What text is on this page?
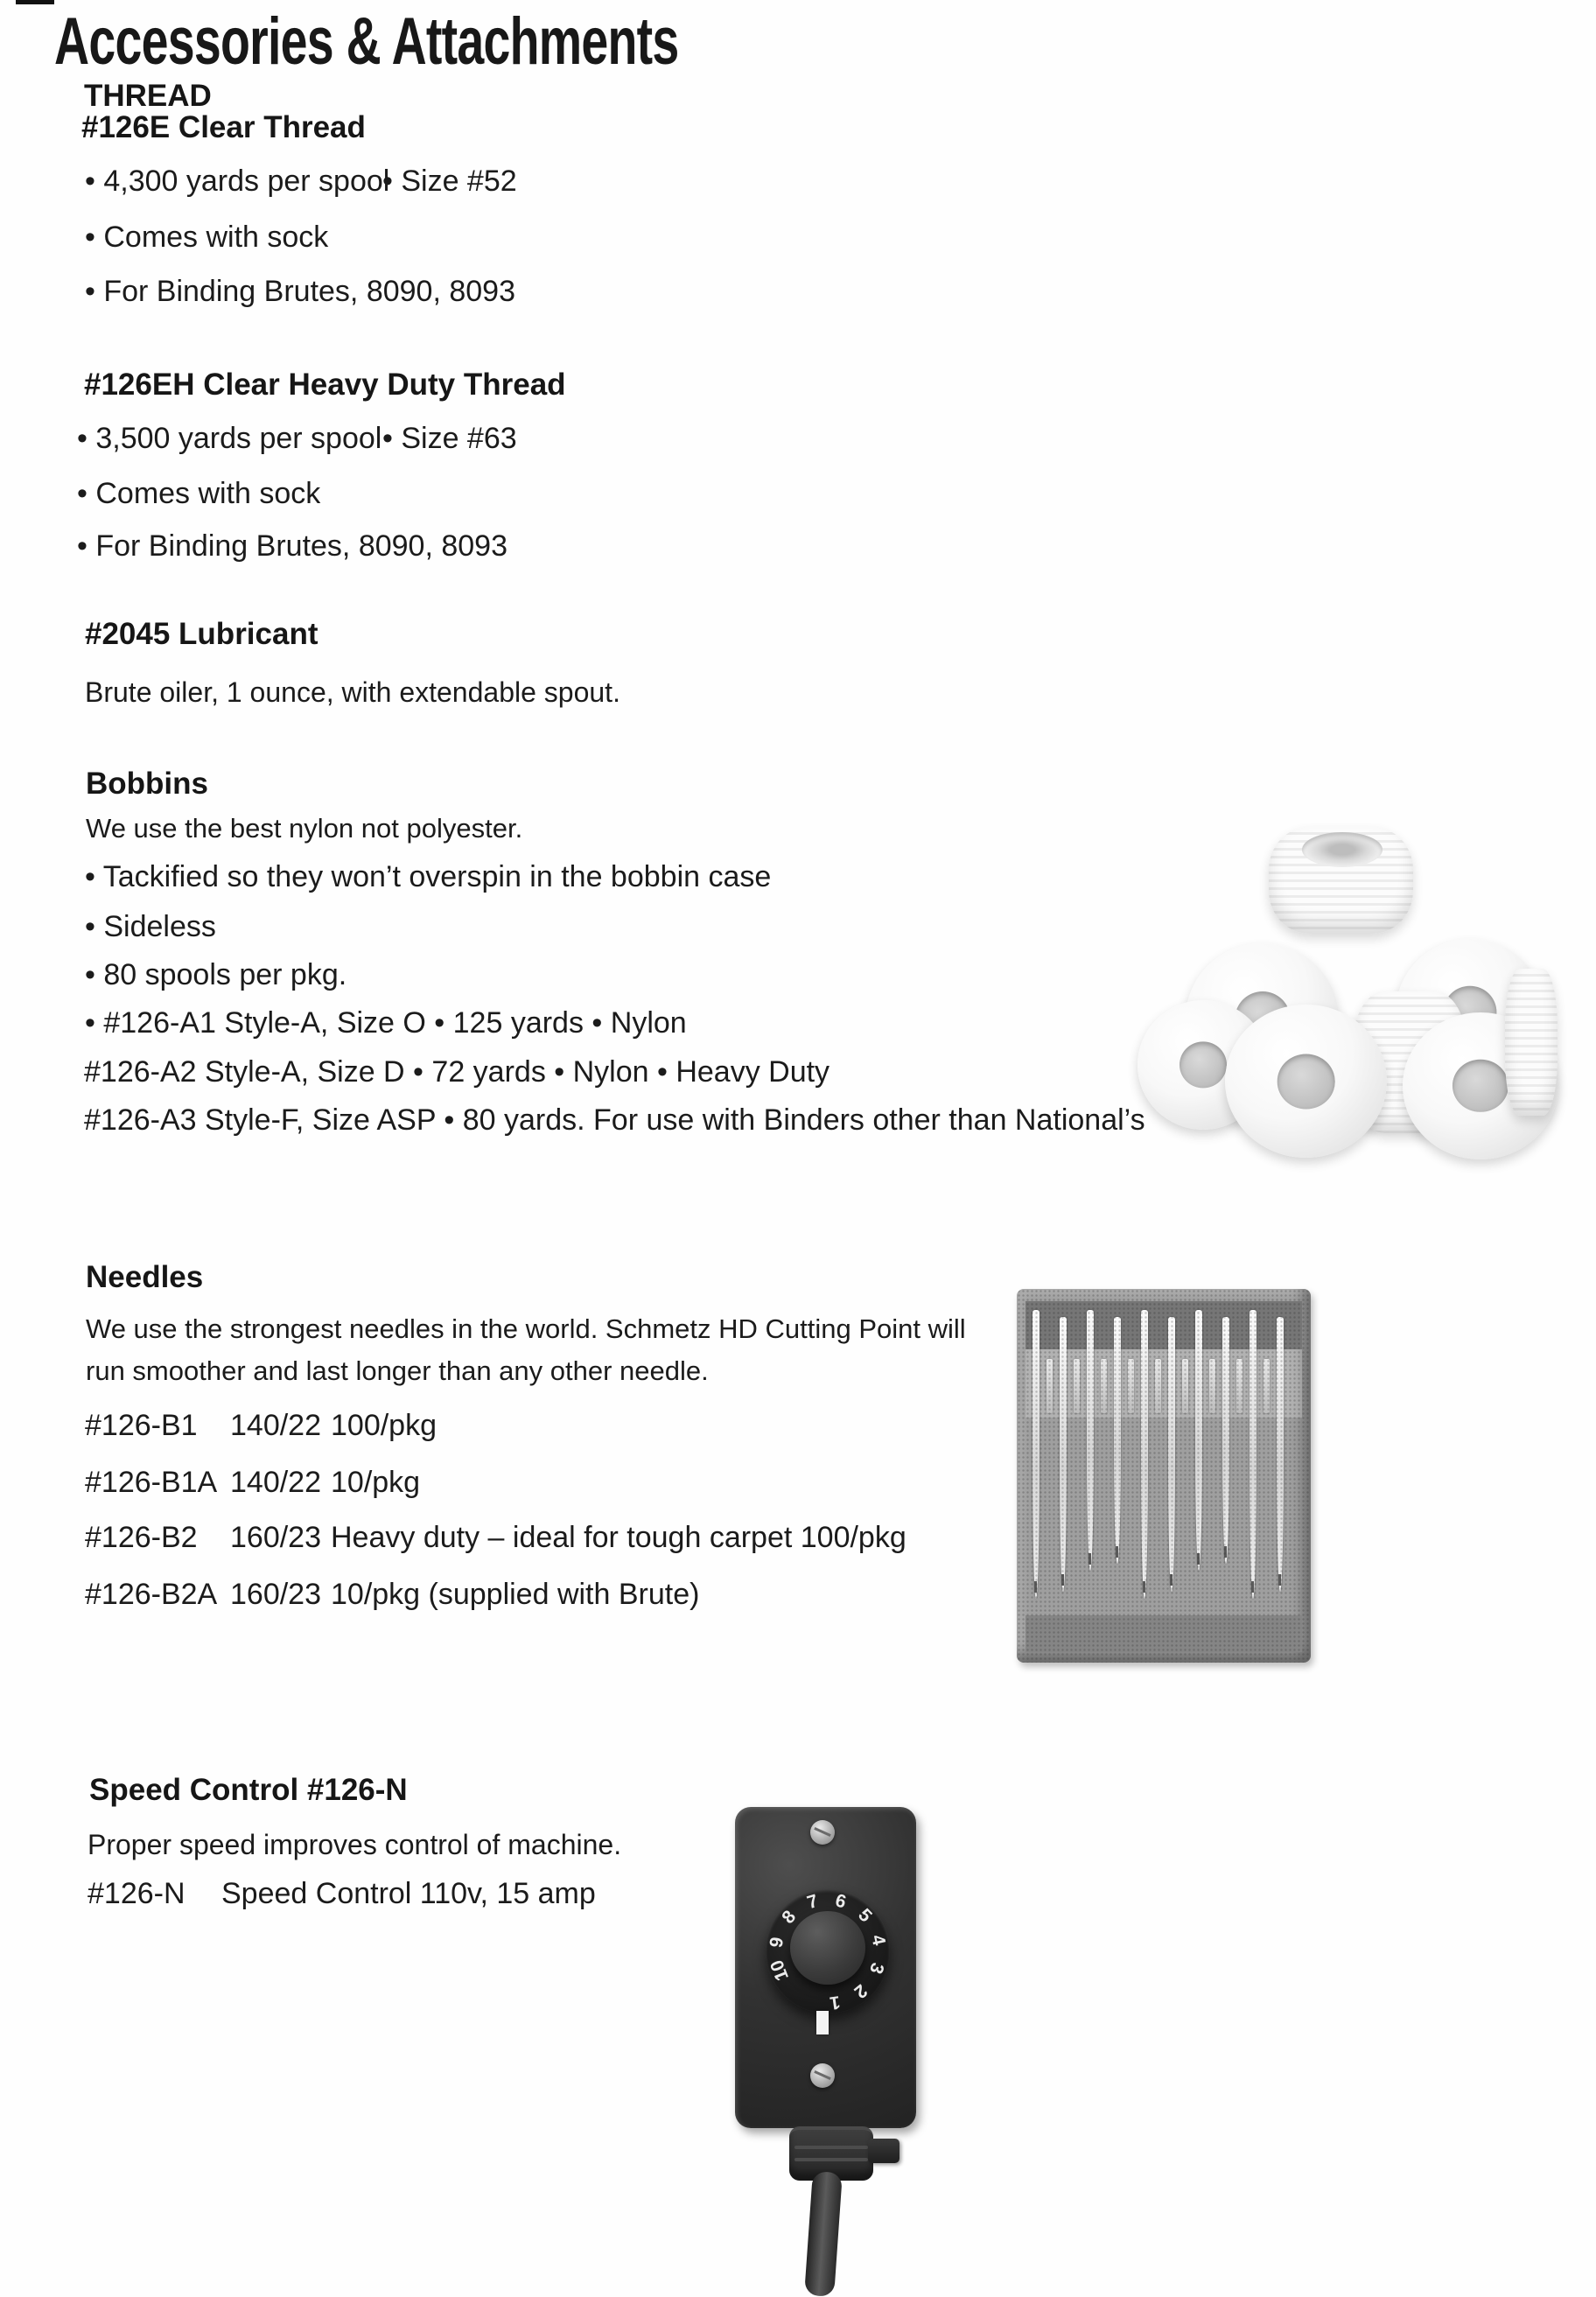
Accessories & Attachments
THREAD
#126E Clear Thread
• 4,300 yards per spool
• Size #52
• Comes with sock
• For Binding Brutes, 8090, 8093
#126EH Clear Heavy Duty Thread
• 3,500 yards per spool • Size #63
• Comes with sock
• For Binding Brutes, 8090, 8093
#2045 Lubricant
Brute oiler, 1 ounce, with extendable spout.
Bobbins
We use the best nylon not polyester.
• Tackified so they won’t overspin in the bobbin case
• Sideless
• 80 spools per pkg.
• #126-A1 Style-A, Size O • 125 yards • Nylon
#126-A2 Style-A, Size D • 72 yards • Nylon • Heavy Duty
#126-A3 Style-F, Size ASP • 80 yards. For use with Binders other than National’s
Needles
We use the strongest needles in the world. Schmetz HD Cutting Point will
run smoother and last longer than any other needle.
#126-B1 140/22 100/pkg
#126-B1A 140/22 10/pkg
#126-B2 160/23 Heavy duty – ideal for tough carpet 100/pkg
#126-B2A 160/23 10/pkg (supplied with Brute)
Speed Control #126-N
Proper speed improves control of machine.
#126-N Speed Control 110v, 15 amp
1
2
3
4
5
6
7
8
9
10
